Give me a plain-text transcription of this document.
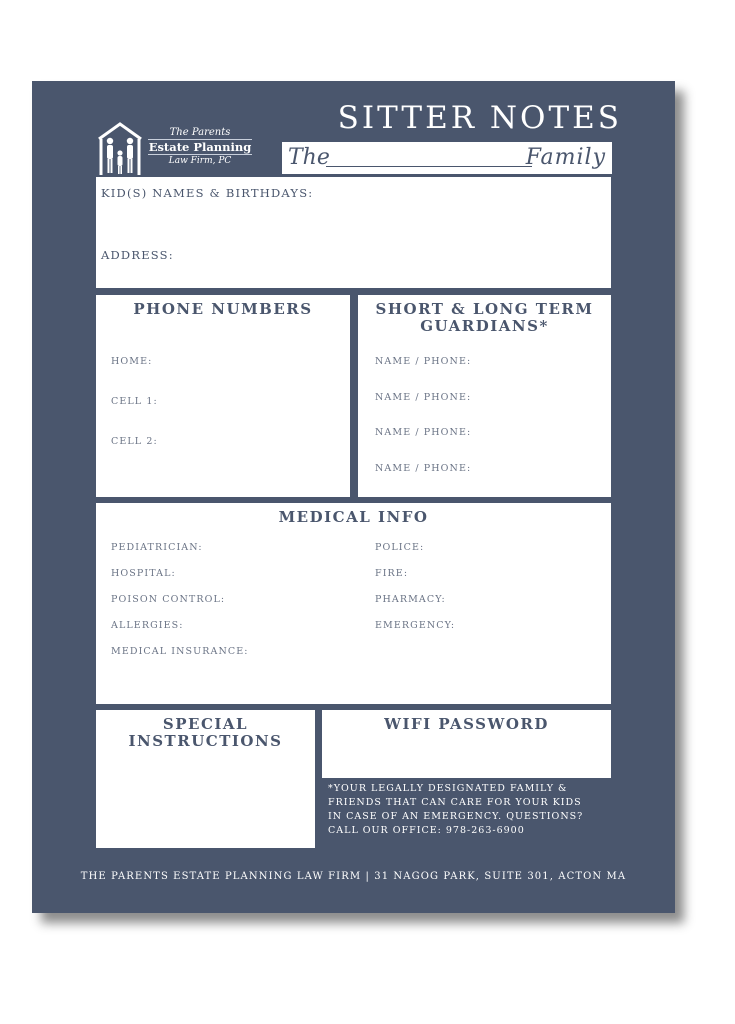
The Parents
Estate Planning
Law Firm, PC
SITTER NOTES
The	Family
KID(S) NAMES & BIRTHDAYS:
ADDRESS:
PHONE NUMBERS
HOME:
CELL 1:
CELL 2:
SHORT & LONG TERM
GUARDIANS*
NAME / PHONE:
NAME / PHONE:
NAME / PHONE:
NAME / PHONE:
MEDICAL INFO
PEDIATRICIAN:
HOSPITAL:
POISON CONTROL:
ALLERGIES:
MEDICAL INSURANCE:
POLICE:
FIRE:
PHARMACY:
EMERGENCY:
SPECIAL
INSTRUCTIONS
WIFI PASSWORD
*YOUR LEGALLY DESIGNATED FAMILY &
FRIENDS THAT CAN CARE FOR YOUR KIDS
IN CASE OF AN EMERGENCY. QUESTIONS?
CALL OUR OFFICE: 978-263-6900
THE PARENTS ESTATE PLANNING LAW FIRM | 31 NAGOG PARK, SUITE 301, ACTON MA
